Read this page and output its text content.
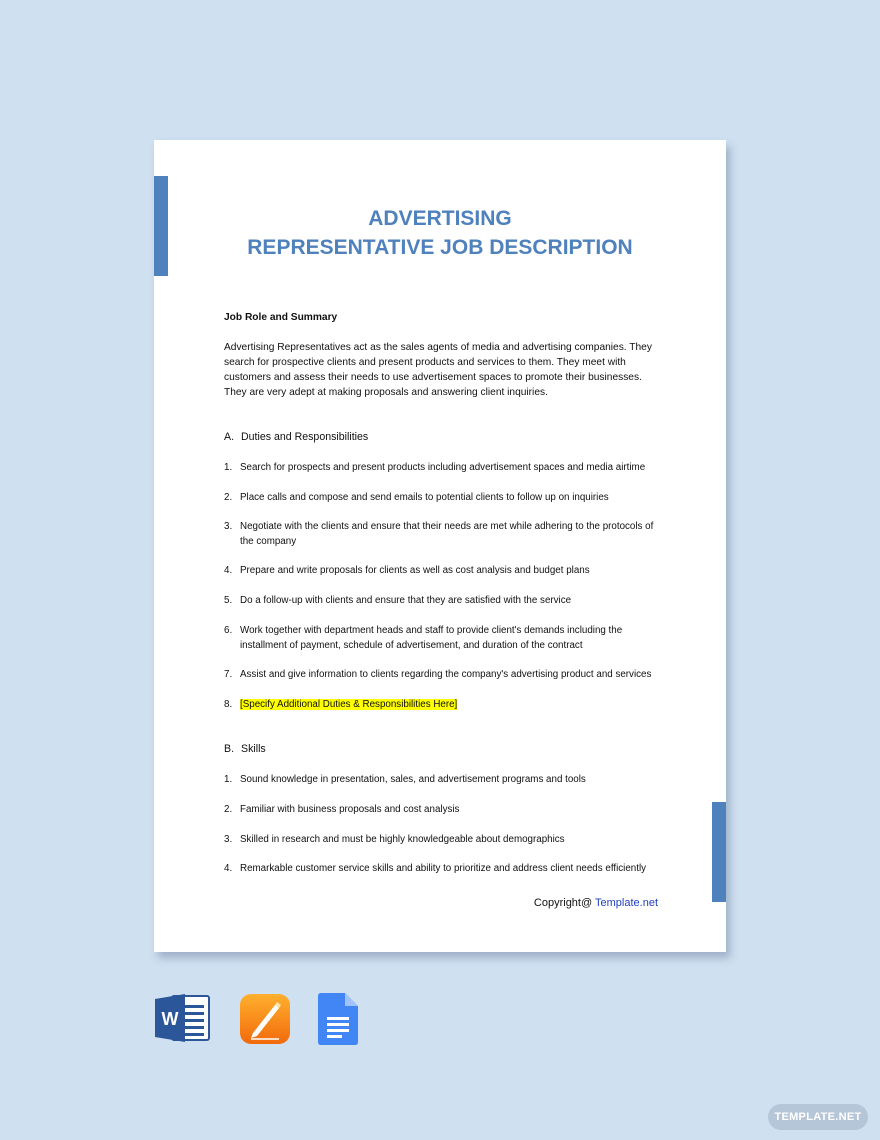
ADVERTISING
REPRESENTATIVE JOB DESCRIPTION
Job Role and Summary
Advertising Representatives act as the sales agents of media and advertising companies. They search for prospective clients and present products and services to them. They meet with customers and assess their needs to use advertisement spaces to promote their businesses. They are very adept at making proposals and answering client inquiries.
A. Duties and Responsibilities
1. Search for prospects and present products including advertisement spaces and media airtime
2. Place calls and compose and send emails to potential clients to follow up on inquiries
3. Negotiate with the clients and ensure that their needs are met while adhering to the protocols of the company
4. Prepare and write proposals for clients as well as cost analysis and budget plans
5. Do a follow-up with clients and ensure that they are satisfied with the service
6. Work together with department heads and staff to provide client's demands including the installment of payment, schedule of advertisement, and duration of the contract
7. Assist and give information to clients regarding the company's advertising product and services
8. [Specify Additional Duties & Responsibilities Here]
B. Skills
1. Sound knowledge in presentation, sales, and advertisement programs and tools
2. Familiar with business proposals and cost analysis
3. Skilled in research and must be highly knowledgeable about demographics
4. Remarkable customer service skills and ability to prioritize and address client needs efficiently
Copyright@ Template.net
W
TEMPLATE.NET
